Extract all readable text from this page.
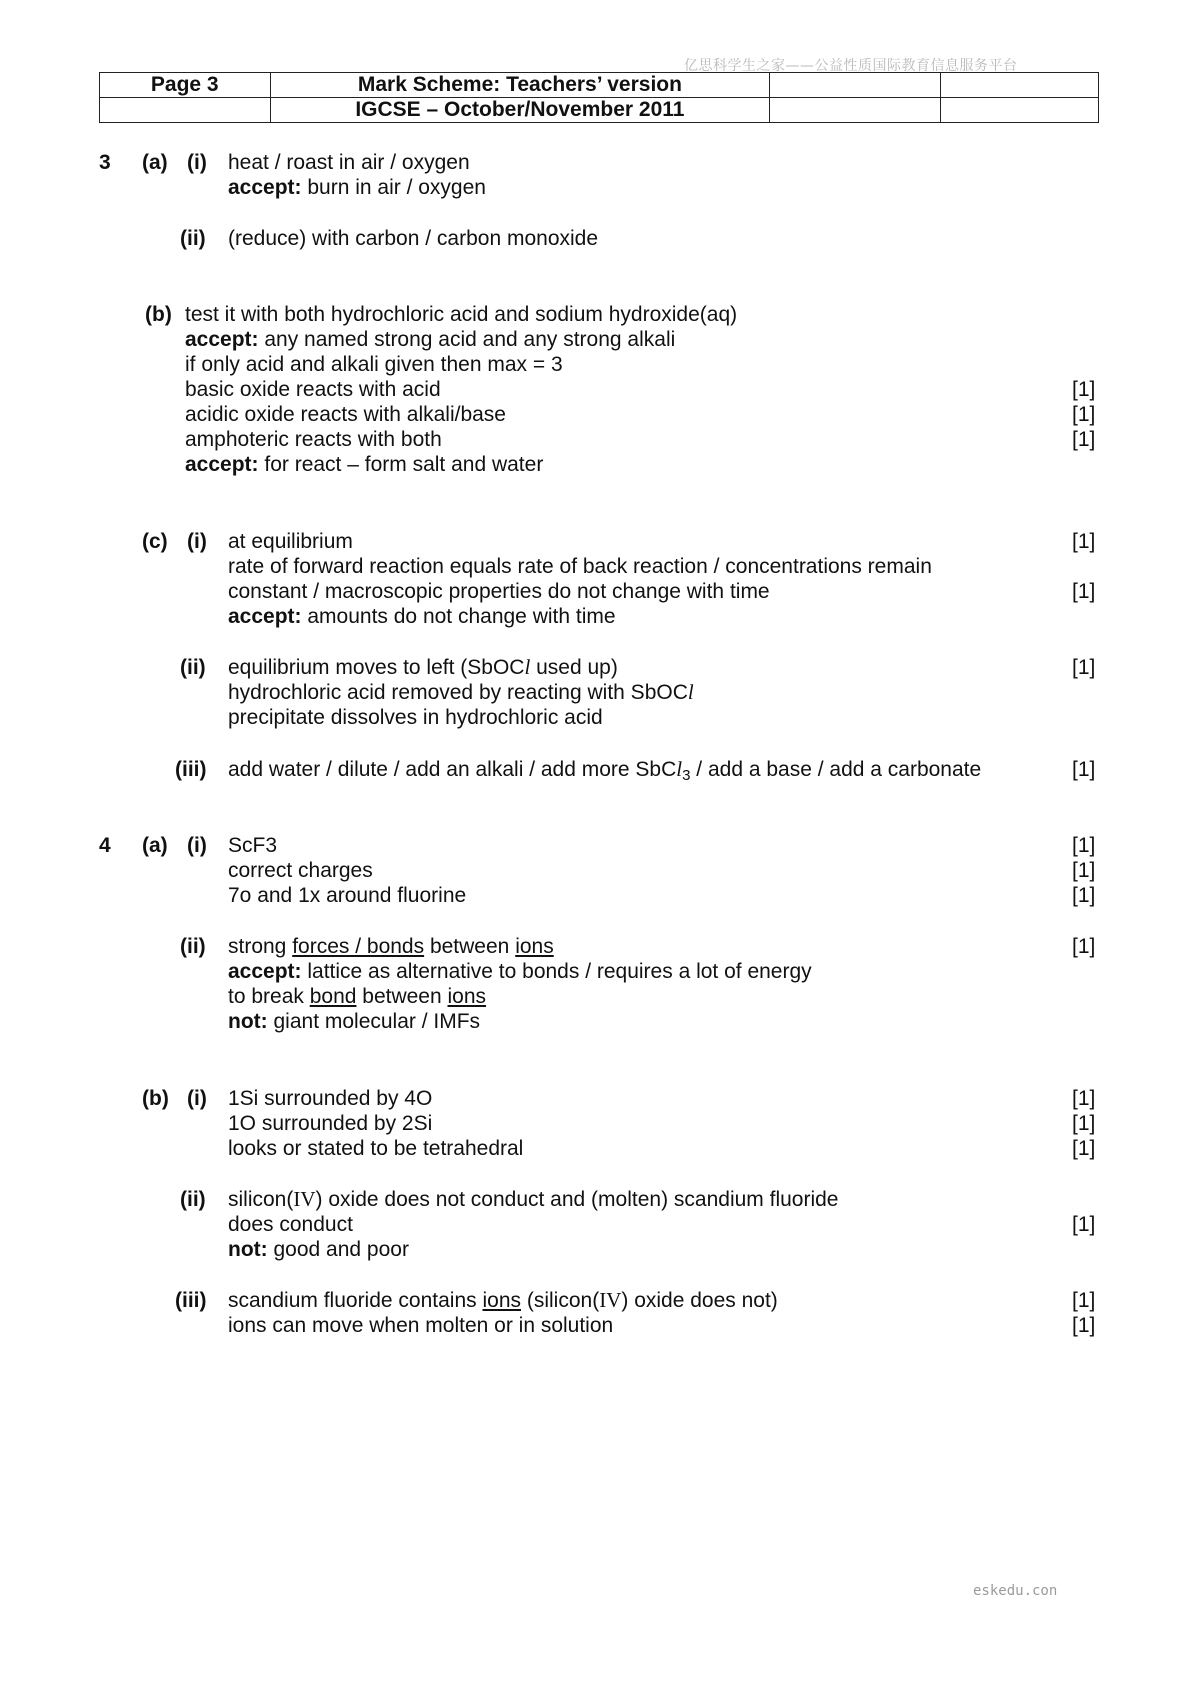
亿思科学生之家——公益性质国际教育信息服务平台
Page 3	Mark Scheme: Teachers’ version		
	IGCSE – October/November 2011		
3 (a) (i) heat / roast in air / oxygen
accept: burn in air / oxygen
(ii) (reduce) with carbon / carbon monoxide
(b) test it with both hydrochloric acid and sodium hydroxide(aq)
accept: any named strong acid and any strong alkali
if only acid and alkali given then max = 3
basic oxide reacts with acid	[1]
acidic oxide reacts with alkali/base	[1]
amphoteric reacts with both	[1]
accept: for react – form salt and water
(c) (i) at equilibrium	[1]
rate of forward reaction equals rate of back reaction / concentrations remain
constant / macroscopic properties do not change with time	[1]
accept: amounts do not change with time
(ii) equilibrium moves to left (SbOCl used up)	[1]
hydrochloric acid removed by reacting with SbOCl
precipitate dissolves in hydrochloric acid
(iii) add water / dilute / add an alkali / add more SbCl$_3$ / add a base / add a carbonate	[1]
4 (a) (i) ScF3	[1]
correct charges	[1]
7o and 1x around fluorine	[1]
(ii) strong forces / bonds between ions	[1]
accept: lattice as alternative to bonds / requires a lot of energy
to break bond between ions
not: giant molecular / IMFs
(b) (i) 1Si surrounded by 4O	[1]
1O surrounded by 2Si	[1]
looks or stated to be tetrahedral	[1]
(ii) silicon(IV) oxide does not conduct and (molten) scandium fluoride
does conduct	[1]
not: good and poor
(iii) scandium fluoride contains ions (silicon(IV) oxide does not)	[1]
ions can move when molten or in solution	[1]
eskedu.con
